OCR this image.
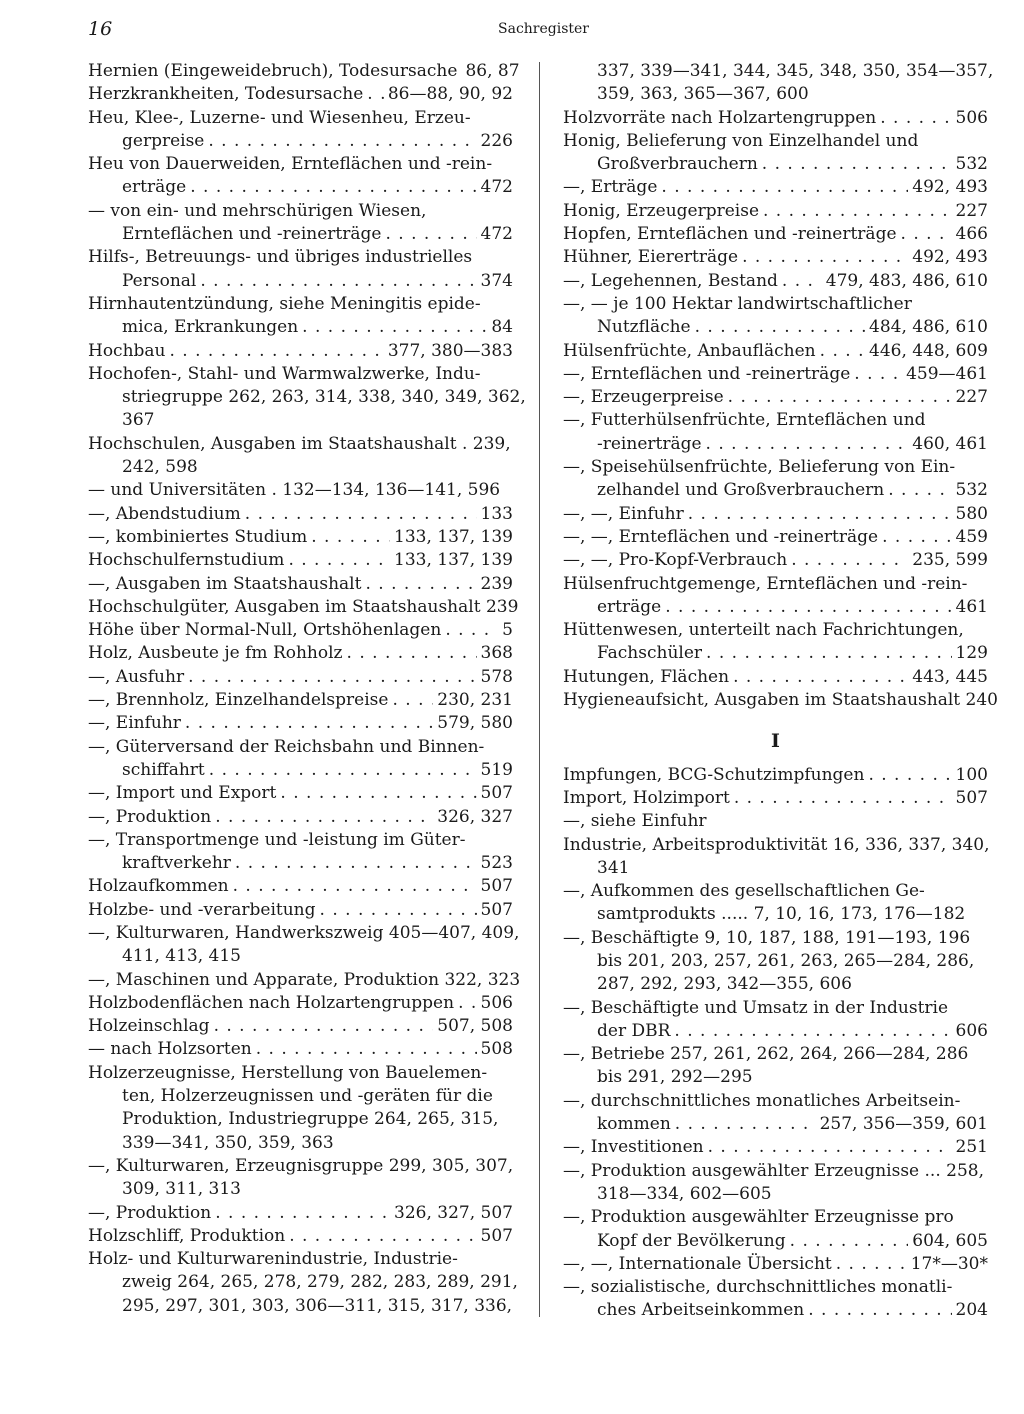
16	Sachregister
Hernien (Eingeweidebruch), Todesursache 86, 87
Herzkrankheiten, Todesursache . . . 86—88, 90, 92
Heu, Klee-, Luzerne- und Wiesenheu, Erzeu-
gerpreise . . .	226
Heu von Dauerweiden, Ernteflächen und -rein-
erträge . . .	472
— von ein- und mehrschürigen Wiesen,
Ernteflächen und -reinerträge . . .	472
Hilfs-, Betreuungs- und übriges industrielles
Personal . . .	374
Hirnhautentzündung, siehe Meningitis epide-
mica, Erkrankungen . . .	84
Hochbau . . .	377, 380—383
Hochofen-, Stahl- und Warmwalzwerke, Indu-
striegruppe 262, 263, 314, 338, 340, 349, 362,
367
Hochschulen, Ausgaben im Staatshaushalt . 239,
242, 598
— und Universitäten . 132—134, 136—141, 596
—, Abendstudium . . .	133
—, kombiniertes Studium . . .	133, 137, 139
Hochschulfernstudium . . .	133, 137, 139
—, Ausgaben im Staatshaushalt . . .	239
Hochschulgüter, Ausgaben im Staatshaushalt 239
Höhe über Normal-Null, Ortshöhenlagen . . .	5
Holz, Ausbeute je fm Rohholz . . .	368
—, Ausfuhr . . .	578
—, Brennholz, Einzelhandelspreise . . .	230, 231
—, Einfuhr . . .	579, 580
—, Güterversand der Reichsbahn und Binnen-
schiffahrt . . .	519
—, Import und Export . . .	507
—, Produktion . . .	326, 327
—, Transportmenge und -leistung im Güter-
kraftverkehr . . .	523
Holzaufkommen . . .	507
Holzbe- und -verarbeitung . . .	507
—, Kulturwaren, Handwerkszweig 405—407, 409,
411, 413, 415
—, Maschinen und Apparate, Produktion 322, 323
Holzbodenflächen nach Holzartengruppen . . . 506
Holzeinschlag . . .	507, 508
— nach Holzsorten . . .	508
Holzerzeugnisse, Herstellung von Bauelemen-
ten, Holzerzeugnissen und -geräten für die
Produktion, Industriegruppe 264, 265, 315,
339—341, 350, 359, 363
—, Kulturwaren, Erzeugnisgruppe 299, 305, 307,
309, 311, 313
—, Produktion . . .	326, 327, 507
Holzschliff, Produktion . . .	507
Holz- und Kulturwarenindustrie, Industrie-
zweig 264, 265, 278, 279, 282, 283, 289, 291,
295, 297, 301, 303, 306—311, 315, 317, 336,
337, 339—341, 344, 345, 348, 350, 354—357,
359, 363, 365—367, 600
Holzvorräte nach Holzartengruppen . . .	506
Honig, Belieferung von Einzelhandel und
Großverbrauchern . . .	532
—, Erträge . . .	492, 493
Honig, Erzeugerpreise . . .	227
Hopfen, Ernteflächen und -reinerträge . . .	466
Hühner, Eiererträge . . .	492, 493
—, Legehennen, Bestand . . .	479, 483, 486, 610
—, — je 100 Hektar landwirtschaftlicher
Nutzfläche . . .	484, 486, 610
Hülsenfrüchte, Anbauflächen . . .	446, 448, 609
—, Ernteflächen und -reinerträge . . .	459—461
—, Erzeugerpreise . . .	227
—, Futterhülsenfrüchte, Ernteflächen und
-reinerträge . . .	460, 461
—, Speisehülsenfrüchte, Belieferung von Ein-
zelhandel und Großverbrauchern . . .	532
—, —, Einfuhr . . .	580
—, —, Ernteflächen und -reinerträge . . .	459
—, —, Pro-Kopf-Verbrauch . . .	235, 599
Hülsenfruchtgemenge, Ernteflächen und -rein-
erträge . . .	461
Hüttenwesen, unterteilt nach Fachrichtungen,
Fachschüler . . .	129
Hutungen, Flächen . . .	443, 445
Hygieneaufsicht, Ausgaben im Staatshaushalt 240
I
Impfungen, BCG-Schutzimpfungen . . .	100
Import, Holzimport . . .	507
—, siehe Einfuhr
Industrie, Arbeitsproduktivität 16, 336, 337, 340,
341
—, Aufkommen des gesellschaftlichen Ge-
samtprodukts ..... 7, 10, 16, 173, 176—182
—, Beschäftigte 9, 10, 187, 188, 191—193, 196
bis 201, 203, 257, 261, 263, 265—284, 286,
287, 292, 293, 342—355, 606
—, Beschäftigte und Umsatz in der Industrie
der DBR . . .	606
—, Betriebe 257, 261, 262, 264, 266—284, 286
bis 291, 292—295
—, durchschnittliches monatliches Arbeitsein-
kommen . . .	257, 356—359, 601
—, Investitionen . . .	251
—, Produktion ausgewählter Erzeugnisse ... 258,
318—334, 602—605
—, Produktion ausgewählter Erzeugnisse pro
Kopf der Bevölkerung . . .	604, 605
—, —, Internationale Übersicht . . .	17*—30*
—, sozialistische, durchschnittliches monatli-
ches Arbeitseinkommen . . .	204
